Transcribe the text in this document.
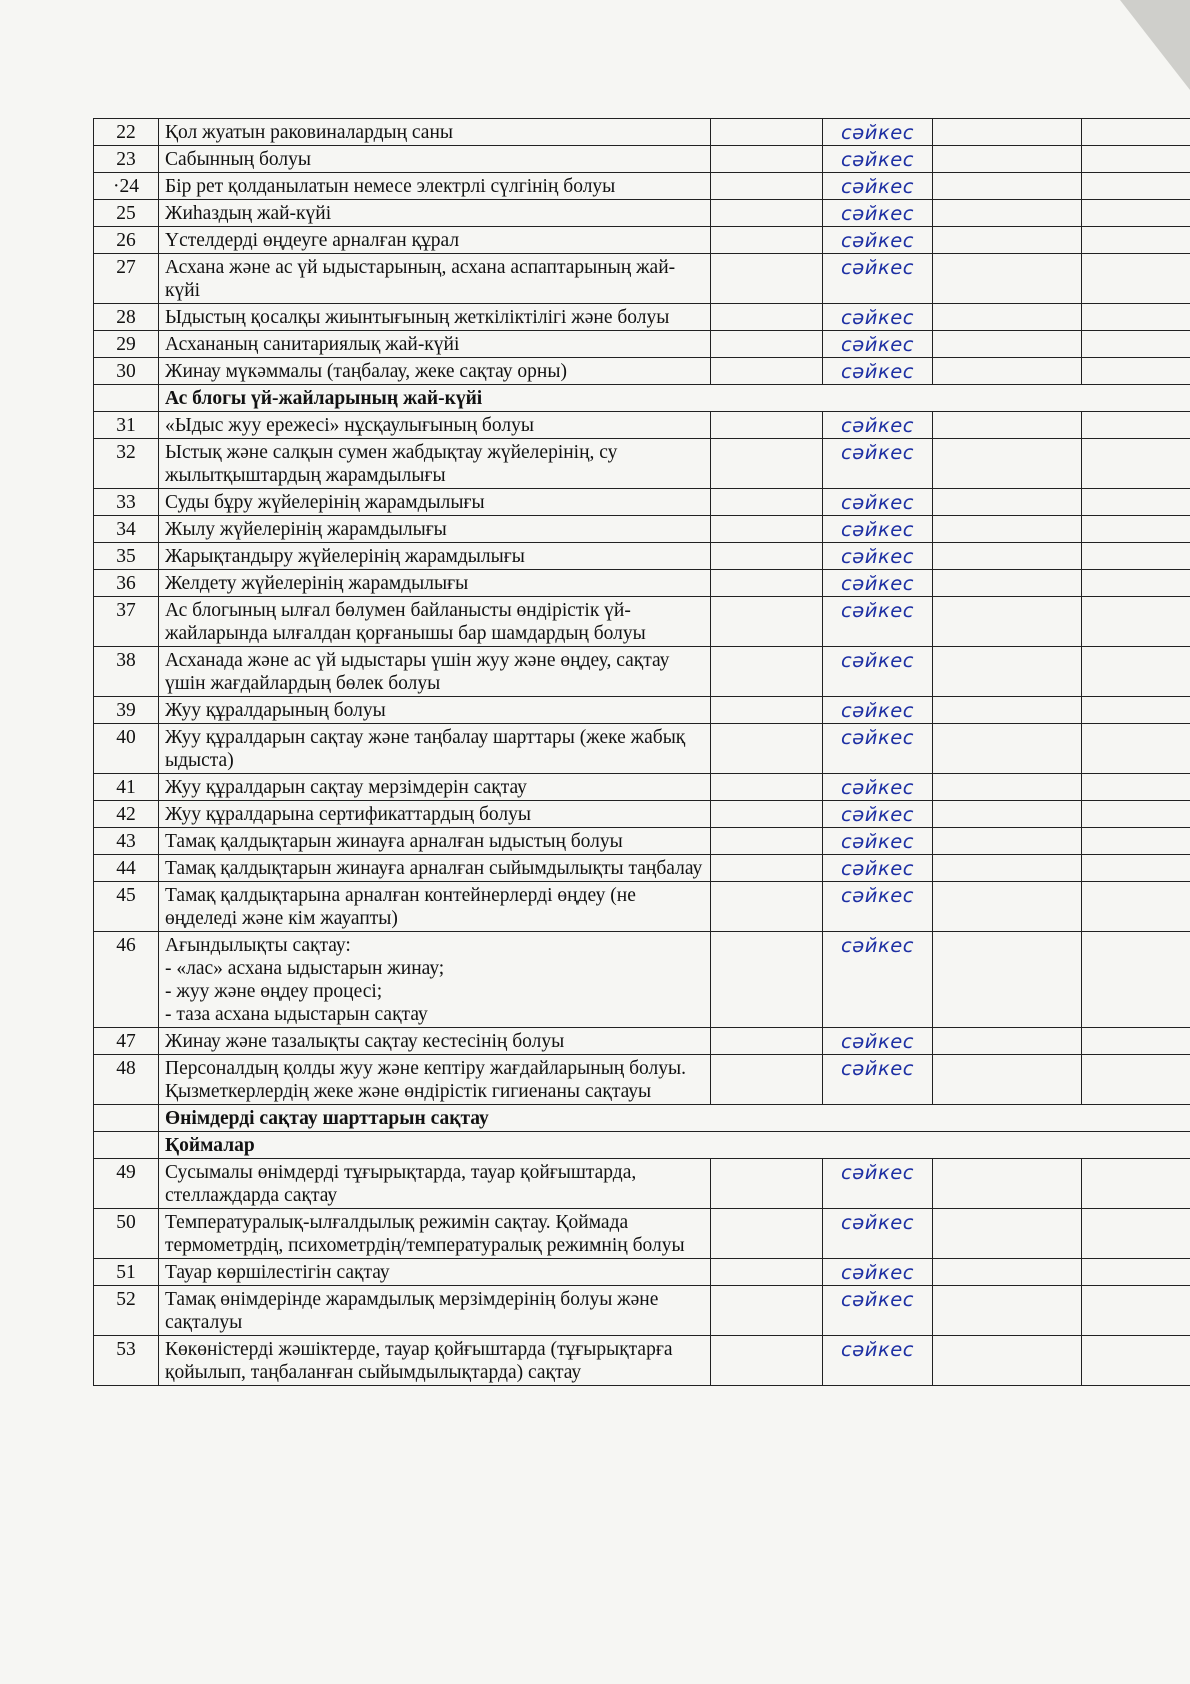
22	Қол жуатын раковиналардың саны		сәйкес		
23	Сабынның болуы		сәйкес		
·24	Бір рет қолданылатын немесе электрлі сүлгінің болуы		сәйкес		
25	Жиһаздың жай-күйі		сәйкес		
26	Үстелдерді өңдеуге арналған құрал		сәйкес		
27	Асхана және ас үй ыдыстарының, асхана аспаптарының жай-күйі		сәйкес		
28	Ыдыстың қосалқы жиынтығының жеткіліктілігі және болуы		сәйкес		
29	Асхананың санитариялық жай-күйі		сәйкес		
30	Жинау мүкәммалы (таңбалау, жеке сақтау орны)		сәйкес		
	Ас блогы үй-жайларының жай-күйі				
31	«Ыдыс жуу ережесі» нұсқаулығының болуы		сәйкес		
32	Ыстық және салқын сумен жабдықтау жүйелерінің, су жылытқыштардың жарамдылығы		сәйкес		
33	Суды бұру жүйелерінің жарамдылығы		сәйкес		
34	Жылу жүйелерінің жарамдылығы		сәйкес		
35	Жарықтандыру жүйелерінің жарамдылығы		сәйкес		
36	Желдету жүйелерінің жарамдылығы		сәйкес		
37	Ас блогының ылғал бөлумен байланысты өндірістік үй-жайларында ылғалдан қорғанышы бар шамдардың болуы		сәйкес		
38	Асханада және ас үй ыдыстары үшін жуу және өңдеу, сақтау үшін жағдайлардың бөлек болуы		сәйкес		
39	Жуу құралдарының болуы		сәйкес		
40	Жуу құралдарын сақтау және таңбалау шарттары (жеке жабық ыдыста)		сәйкес		
41	Жуу құралдарын сақтау мерзімдерін сақтау		сәйкес		
42	Жуу құралдарына сертификаттардың болуы		сәйкес		
43	Тамақ қалдықтарын жинауға арналған ыдыстың болуы		сәйкес		
44	Тамақ қалдықтарын жинауға арналған сыйымдылықты таңбалау		сәйкес		
45	Тамақ қалдықтарына арналған контейнерлерді өңдеу (не өңделеді және кім жауапты)		сәйкес		
46	Ағындылықты сақтау:
- «лас» асхана ыдыстарын жинау;
- жуу және өңдеу процесі;
- таза асхана ыдыстарын сақтау		сәйкес		
47	Жинау және тазалықты сақтау кестесінің болуы		сәйкес		
48	Персоналдың қолды жуу және кептіру жағдайларының болуы. Қызметкерлердің жеке және өндірістік гигиенаны сақтауы		сәйкес		
	Өнімдерді сақтау шарттарын сақтау				
	Қоймалар				
49	Сусымалы өнімдерді тұғырықтарда, тауар қойғыштарда, стеллаждарда сақтау		сәйкес		
50	Температуралық-ылғалдылық режимін сақтау. Қоймада термометрдің, психометрдің/температуралық режимнің болуы		сәйкес		
51	Тауар көршілестігін сақтау		сәйкес		
52	Тамақ өнімдерінде жарамдылық мерзімдерінің болуы және сақталуы		сәйкес		
53	Көкөністерді жәшіктерде, тауар қойғыштарда (тұғырықтарға қойылып, таңбаланған сыйымдылықтарда) сақтау		сәйкес		
